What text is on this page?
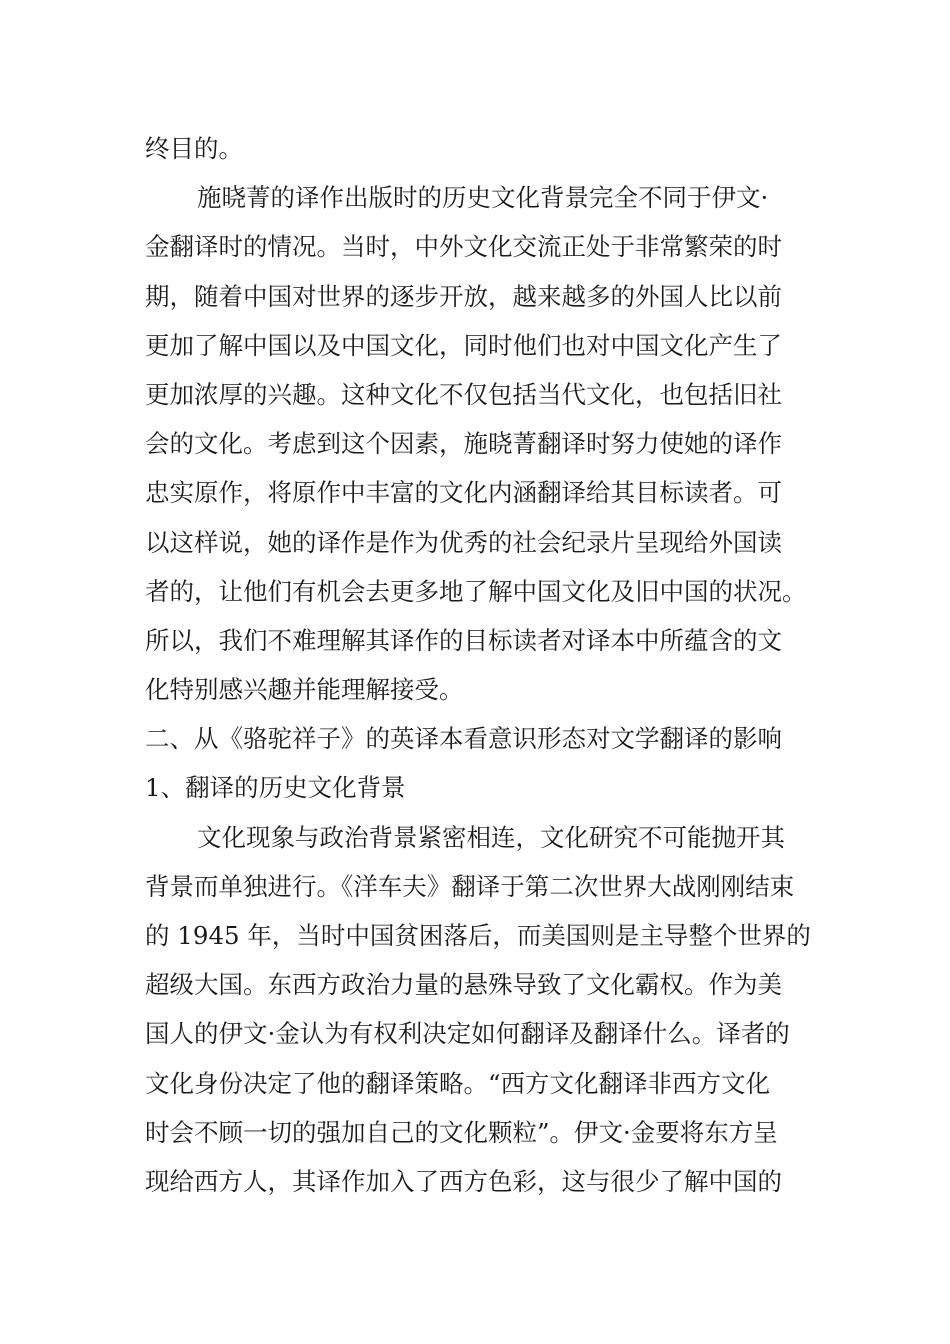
终目的。
施晓菁的译作出版时的历史文化背景完全不同于伊文·
金翻译时的情况。当时，中外文化交流正处于非常繁荣的时
期，随着中国对世界的逐步开放，越来越多的外国人比以前
更加了解中国以及中国文化，同时他们也对中国文化产生了
更加浓厚的兴趣。这种文化不仅包括当代文化，也包括旧社
会的文化。考虑到这个因素，施晓菁翻译时努力使她的译作
忠实原作，将原作中丰富的文化内涵翻译给其目标读者。可
以这样说，她的译作是作为优秀的社会纪录片呈现给外国读
者的，让他们有机会去更多地了解中国文化及旧中国的状况。
所以，我们不难理解其译作的目标读者对译本中所蕴含的文
化特别感兴趣并能理解接受。
二、从《骆驼祥子》的英译本看意识形态对文学翻译的影响
1、翻译的历史文化背景
文化现象与政治背景紧密相连，文化研究不可能抛开其
背景而单独进行。《洋车夫》翻译于第二次世界大战刚刚结束
的 1945 年，当时中国贫困落后，而美国则是主导整个世界的
超级大国。东西方政治力量的悬殊导致了文化霸权。作为美
国人的伊文·金认为有权利决定如何翻译及翻译什么。译者的
文化身份决定了他的翻译策略。“西方文化翻译非西方文化
时会不顾一切的强加自己的文化颗粒”。伊文·金要将东方呈
现给西方人，其译作加入了西方色彩，这与很少了解中国的
